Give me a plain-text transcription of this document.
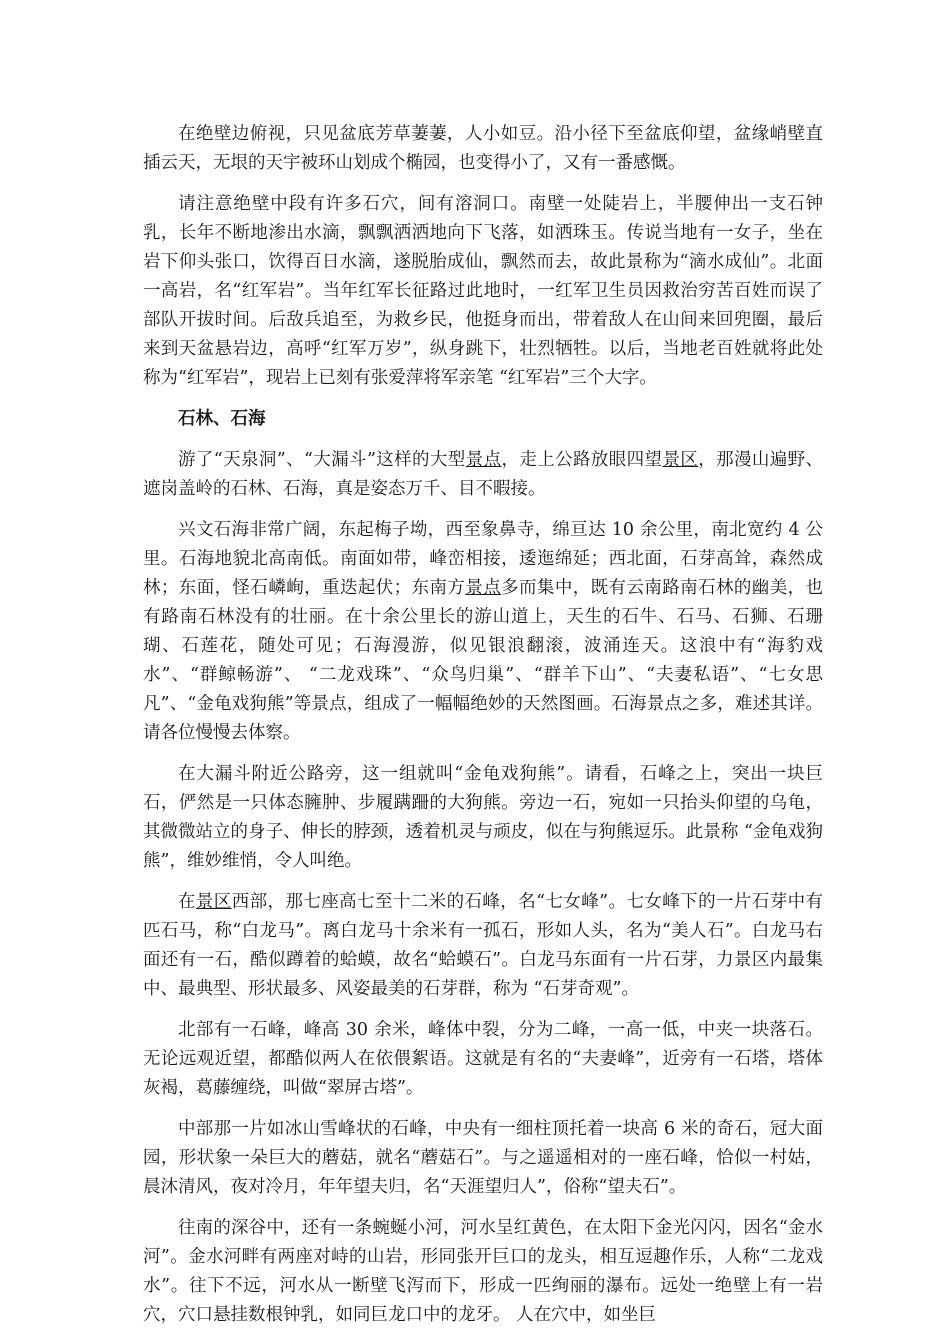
在绝壁边俯视，只见盆底芳草萋萋，人小如豆。沿小径下至盆底仰望，盆缘峭壁直插云天，无垠的天宇被环山划成个椭园，也变得小了，又有一番感慨。

请注意绝壁中段有许多石穴，间有溶洞口。南壁一处陡岩上，半腰伸出一支石钟乳，长年不断地渗出水滴，飘飘洒洒地向下飞落，如洒珠玉。传说当地有一女子，坐在岩下仰头张口，饮得百日水滴，遂脱胎成仙，飘然而去，故此景称为“滴水成仙”。北面一高岩，名“红军岩”。当年红军长征路过此地时，一红军卫生员因救治穷苦百姓而误了部队开拔时间。后敌兵追至，为救乡民，他挺身而出，带着敌人在山间来回兜圈，最后来到天盆悬岩边，高呼“红军万岁”，纵身跳下，壮烈牺牲。以后，当地老百姓就将此处称为“红军岩”，现岩上已刻有张爱萍将军亲笔 “红军岩”三个大字。

石林、石海

游了“天泉洞”、“大漏斗”这样的大型景点，走上公路放眼四望景区，那漫山遍野、遮岗盖岭的石林、石海，真是姿态万千、目不暇接。

兴文石海非常广阔，东起梅子坳，西至象鼻寺，绵亘达 10 余公里，南北宽约 4 公里。石海地貌北高南低。南面如带，峰峦相接，逶迤绵延；西北面，石芽高耸，森然成林；东面，怪石嶙峋，重迭起伏；东南方景点多而集中，既有云南路南石林的幽美，也有路南石林没有的壮丽。在十余公里长的游山道上，天生的石牛、石马、石狮、石珊瑚、石莲花，随处可见；石海漫游，似见银浪翻滚，波涌连天。这浪中有“海豹戏水”、“群鲸畅游”、 “二龙戏珠”、“众鸟归巢”、“群羊下山”、“夫妻私语”、“七女思凡”、“金龟戏狗熊”等景点，组成了一幅幅绝妙的天然图画。石海景点之多，难述其详。 请各位慢慢去体察。

在大漏斗附近公路旁，这一组就叫“金龟戏狗熊”。请看，石峰之上，突出一块巨石，俨然是一只体态臃肿、步履蹒跚的大狗熊。旁边一石，宛如一只抬头仰望的乌龟，其微微站立的身子、伸长的脖颈，透着机灵与顽皮，似在与狗熊逗乐。此景称 “金龟戏狗熊”，维妙维悄，令人叫绝。

在景区西部，那七座高七至十二米的石峰，名“七女峰”。七女峰下的一片石芽中有匹石马，称“白龙马”。离白龙马十余米有一孤石，形如人头，名为“美人石”。白龙马右面还有一石，酷似蹲着的蛤蟆，故名“蛤蟆石”。白龙马东面有一片石芽，力景区内最集中、最典型、形状最多、风姿最美的石芽群，称为 “石芽奇观”。

北部有一石峰，峰高 30 余米，峰体中裂，分为二峰，一高一低，中夹一块落石。 无论远观近望，都酷似两人在依偎絮语。这就是有名的“夫妻峰”，近旁有一石塔，塔体灰褐，葛藤缠绕，叫做“翠屏古塔”。

中部那一片如冰山雪峰状的石峰，中央有一细柱顶托着一块高 6 米的奇石，冠大面园，形状象一朵巨大的蘑菇，就名“蘑菇石”。与之遥遥相对的一座石峰，恰似一村姑，晨沐清风，夜对冷月，年年望夫归，名“天涯望归人”，俗称“望夫石”。

往南的深谷中，还有一条蜿蜒小河，河水呈红黄色，在太阳下金光闪闪，因名“金水河”。金水河畔有两座对峙的山岩，形同张开巨口的龙头，相互逗趣作乐，人称“二龙戏水”。往下不远，河水从一断壁飞泻而下，形成一匹绚丽的瀑布。远处一绝壁上有一岩穴，穴口悬挂数根钟乳，如同巨龙口中的龙牙。 人在穴中，如坐巨
